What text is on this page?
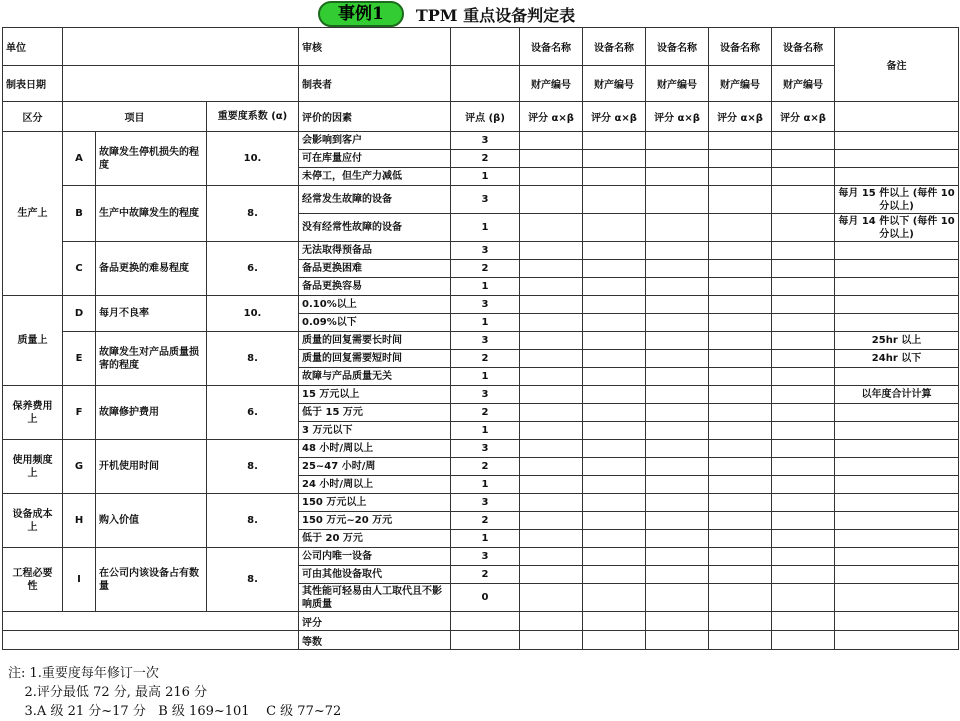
事例1	TPM 重点设备判定表
单位				审核		设备名称	设备名称	设备名称	设备名称	设备名称	备注
制表日期				制表者		财产编号	财产编号	财产编号	财产编号	财产编号	
区分	项目		重要度系数 (α)	评价的因素	评点 (β)	评分 α×β	评分 α×β	评分 α×β	评分 α×β	评分 α×β	
生产上	A	故障发生停机损失的程度	10.	会影响到客户	3						
				可在库量应付	2						
				未停工，但生产力减低	1						
	B	生产中故障发生的程度	8.	经常发生故障的设备	3						每月 15 件以上 (每件 10 分以上)
				没有经常性故障的设备	1						每月 14 件以下 (每件 10 分以上)
	C	备品更换的难易程度	6.	无法取得预备品	3						
				备品更换困难	2						
				备品更换容易	1						
质量上	D	每月不良率	10.	0.10%以上	3						
				0.09%以下	1						
	E	故障发生对产品质量损害的程度	8.	质量的回复需要长时间	3						25hr 以上
				质量的回复需要短时间	2						24hr 以下
				故障与产品质量无关	1						
保养费用上	F	故障修护费用	6.	15 万元以上	3						以年度合计计算
				低于 15 万元	2						
				3 万元以下	1						
使用频度上	G	开机使用时间	8.	48 小时/周以上	3						
				25~47 小时/周	2						
				24 小时/周以上	1						
设备成本上	H	购入价值	8.	150 万元以上	3						
				150 万元~20 万元	2						
				低于 20 万元	1						
工程必要性	I	在公司内该设备占有数量	8.	公司内唯一设备	3						
				可由其他设备取代	2						
				其性能可轻易由人工取代且不影响质量	0						
				评分							
				等数							
注: 1.重要度每年修订一次
2.评分最低 72 分, 最高 216 分
3.A 级 21 分~17 分   B 级 169~101    C 级 77~72
